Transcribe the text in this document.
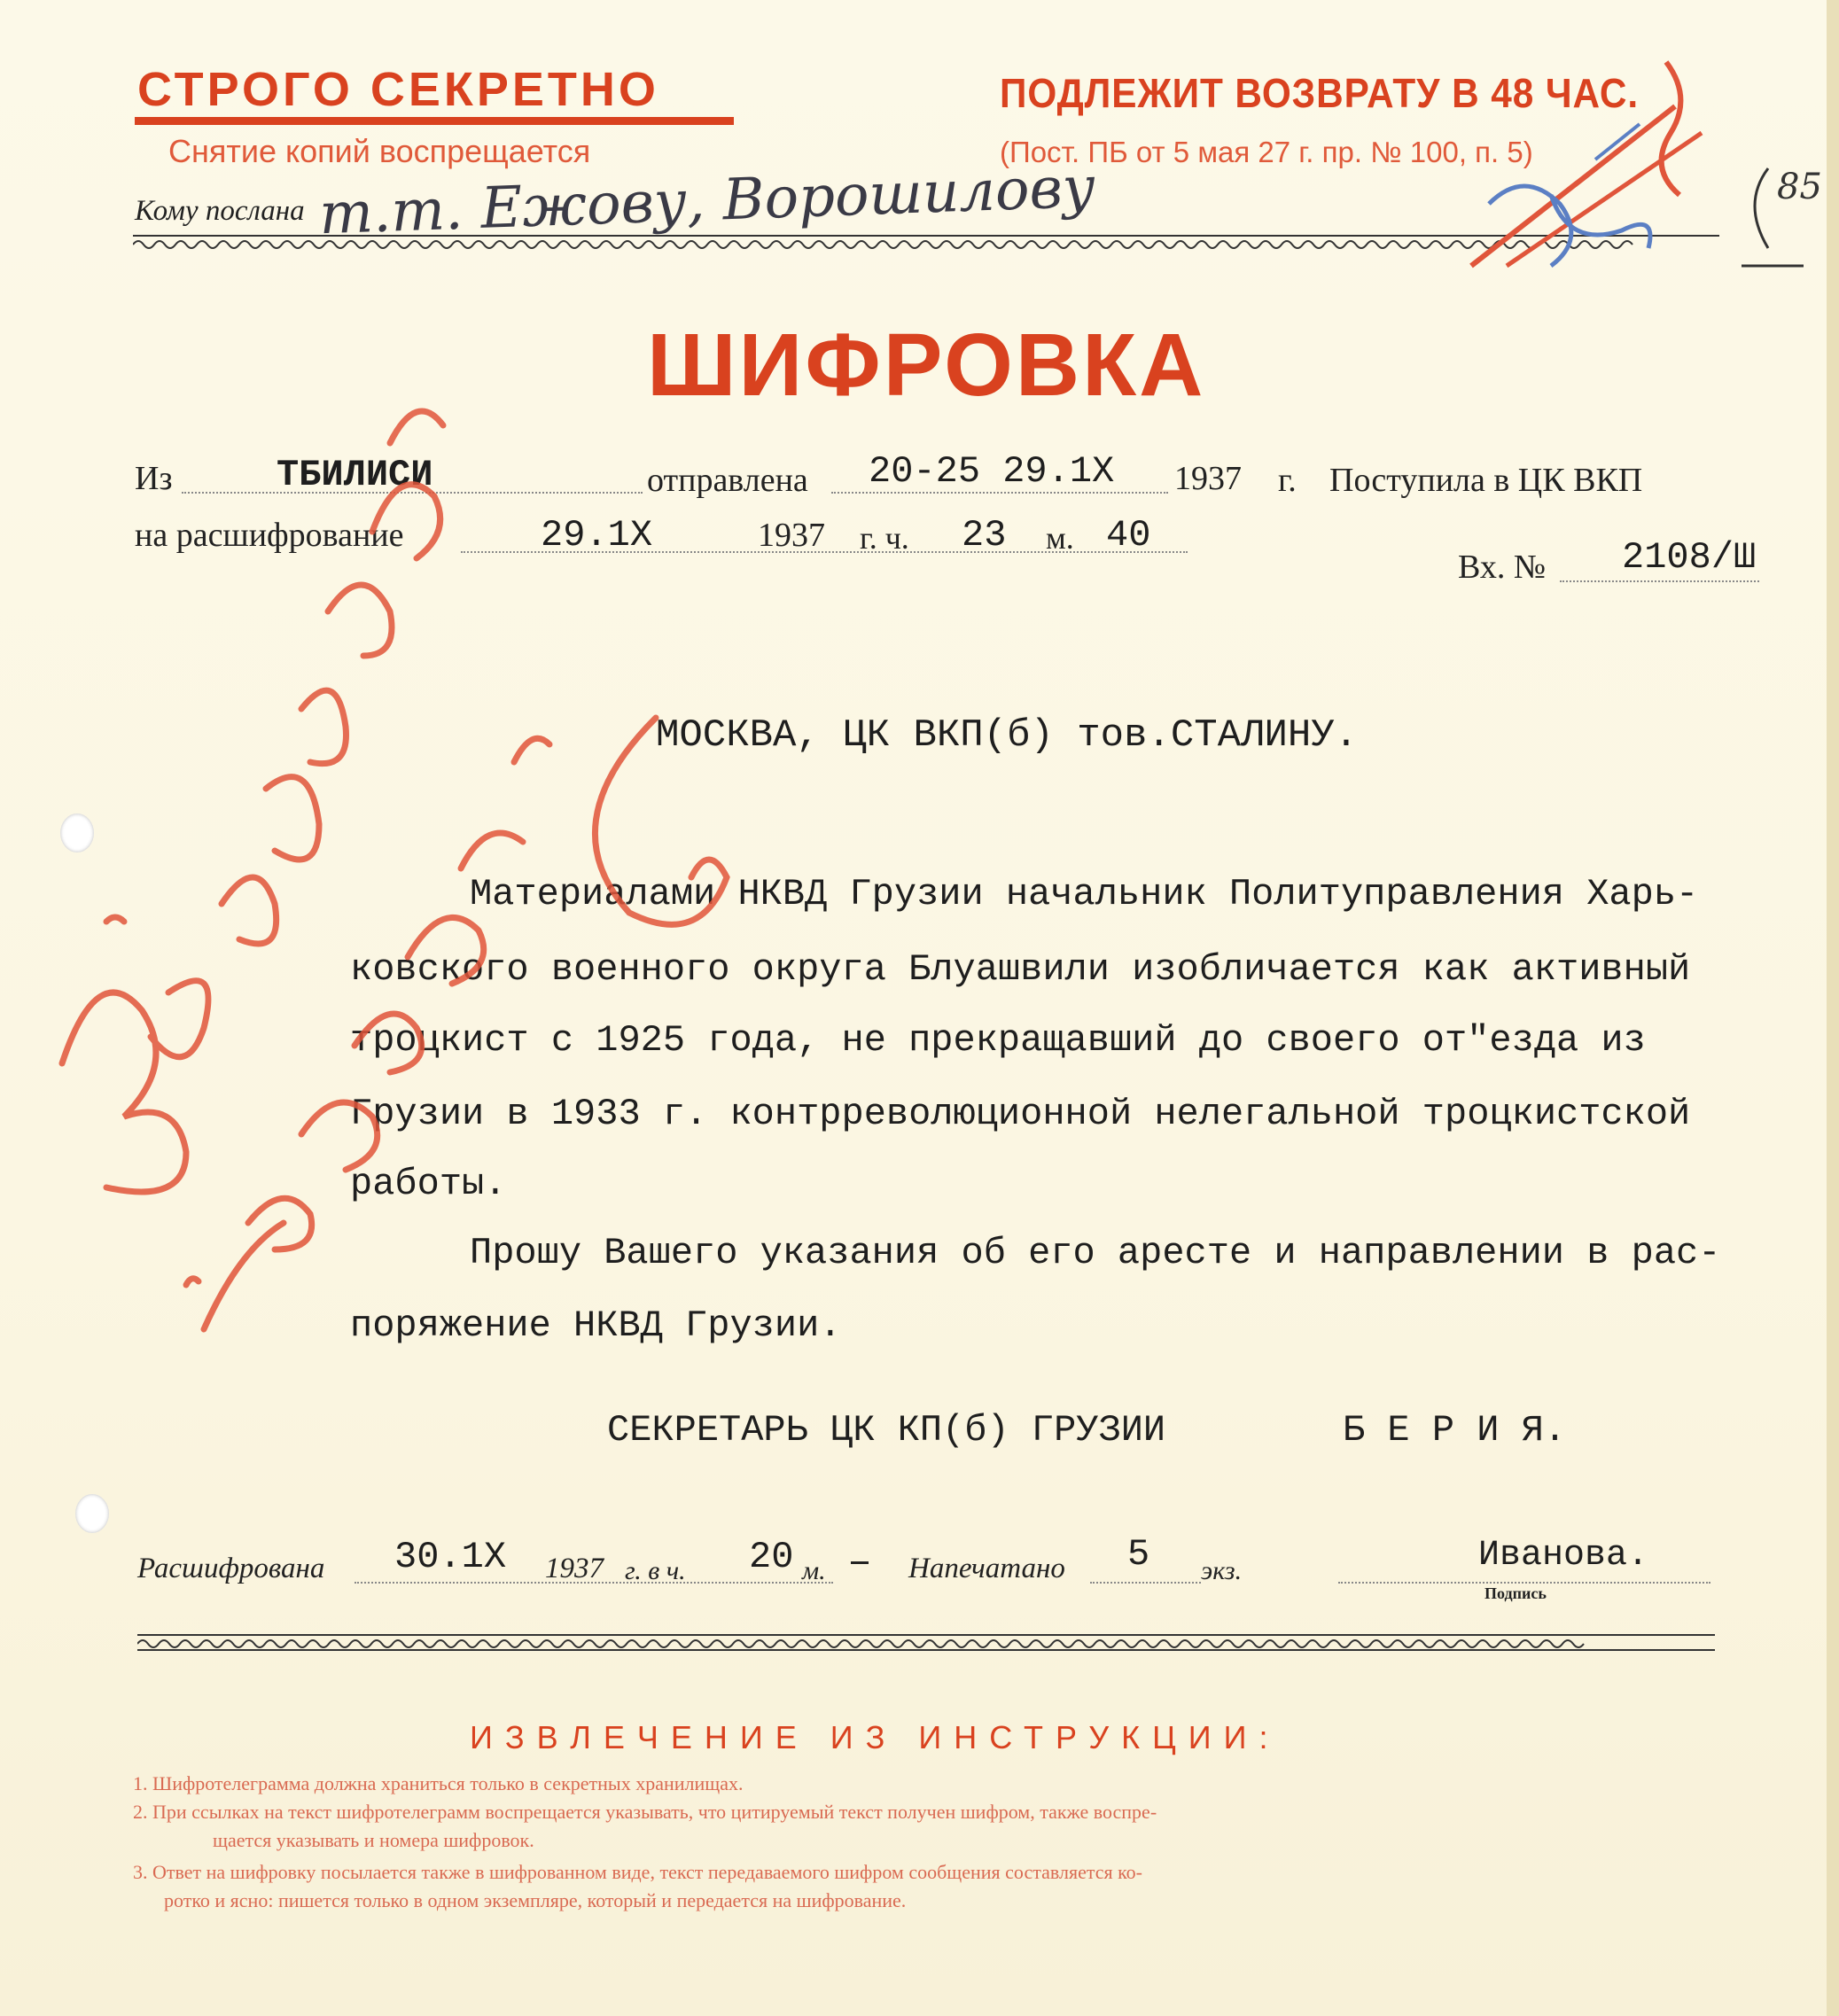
СТРОГО СЕКРЕТНО
Снятие копий воспрещается
ПОДЛЕЖИТ ВОЗВРАТУ В 48 ЧАС.
(Пост. ПБ от 5 мая 27 г. пр. № 100, п. 5)
Кому послана т.т. Ежову, Ворошилову	85
ШИФРОВКА
Из	ТБИЛИСИ	отправлена 20-25 29.1Х 1937 г. Поступила в ЦК ВКП
на расшифрование	29.1Х	1937 г. ч. 23 м. 40
Вх. № 2108/Ш
МОСКВА, ЦК ВКП(б) тов.СТАЛИНУ.
Материалами НКВД Грузии начальник Политуправления Харь-
ковского военного округа Блуашвили изобличается как активный
троцкист с 1925 года, не прекращавший до своего от"езда из
Грузии в 1933 г. контрреволюционной нелегальной троцкистской
работы.
Прошу Вашего указания об его аресте и направлении в рас-
поряжение НКВД Грузии.
СЕКРЕТАРЬ ЦК КП(б) ГРУЗИИ	Б Е Р И Я.
Расшифрована 30.1Х 1937 г. в ч. 20 м.	Напечатано 5 экз.	Иванова.
Подпись
ИЗВЛЕЧЕНИЕ ИЗ ИНСТРУКЦИИ:
1. Шифротелеграмма должна храниться только в секретных хранилищах.
2. При ссылках на текст шифротелеграмм воспрещается указывать, что цитируемый текст получен шифром, также воспре-
щается указывать и номера шифровок.
3. Ответ на шифровку посылается также в шифрованном виде, текст передаваемого шифром сообщения составляется ко-
ротко и ясно: пишется только в одном экземпляре, который и передается на шифрование.
